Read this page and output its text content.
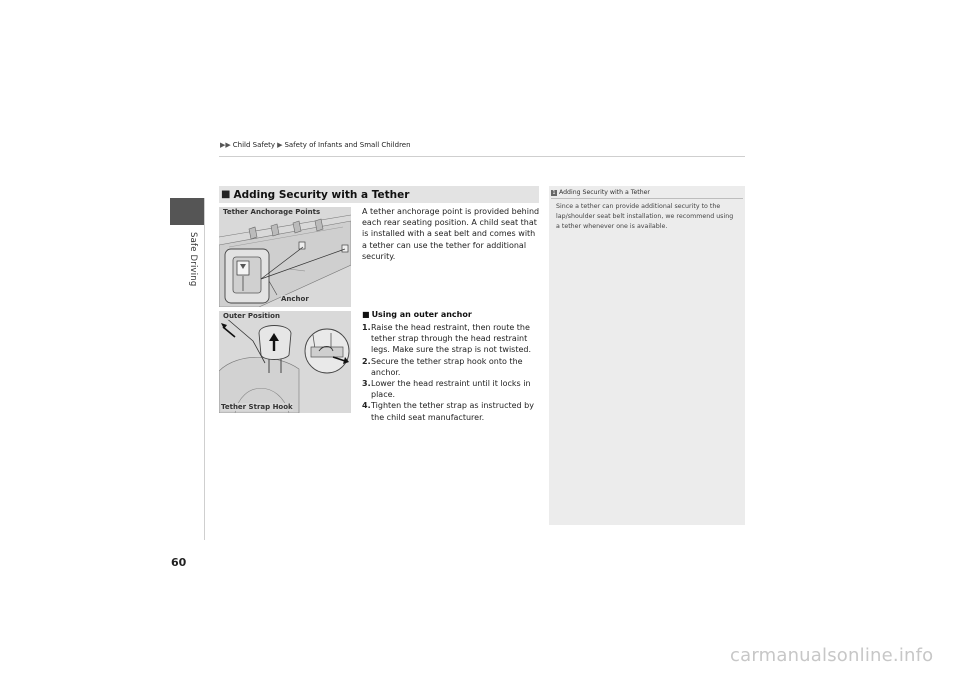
Safe Driving
▶▶ Child Safety ▶ Safety of Infants and Small Children
■ Adding Security with a Tether
Tether Anchorage Points
Anchor
Outer Position
Tether Strap Hook

A tether anchorage point is provided behind each rear seating position. A child seat that is installed with a seat belt and comes with a tether can use the tether for additional security.

■ Using an outer anchor
1. Raise the head restraint, then route the tether strap through the head restraint legs. Make sure the strap is not twisted.
2. Secure the tether strap hook onto the anchor.
3. Lower the head restraint until it locks in place.
4. Tighten the tether strap as instructed by the child seat manufacturer.
1 Adding Security with a Tether

Since a tether can provide additional security to the lap/shoulder seat belt installation, we recommend using a tether whenever one is available.

60
carmanualsonline.info
